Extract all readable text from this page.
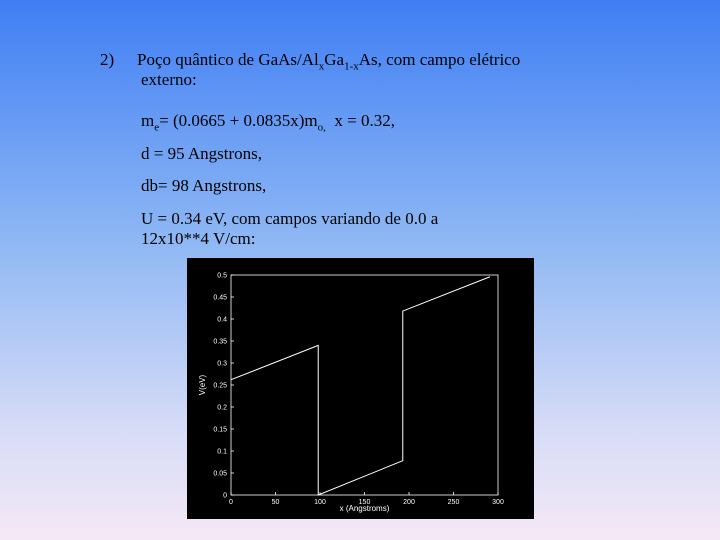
2) Poço quântico de GaAs/$Al_xGa_{1-x}As$, com campo elétrico
externo:
$m_e= (0.0665 + 0.0835x)m_{o,}$  x = 0.32,
d = 95 Angstrons,
db= 98 Angstrons,
U = 0.34 eV, com campos variando de 0.0 a
12x10**4 V/cm:
0	50	100	150	200	250	300
0
0.05
0.1
0.15
0.2
0.25
0.3
0.35
0.4
0.45
0.5
x (Angstroms)
V(eV)
